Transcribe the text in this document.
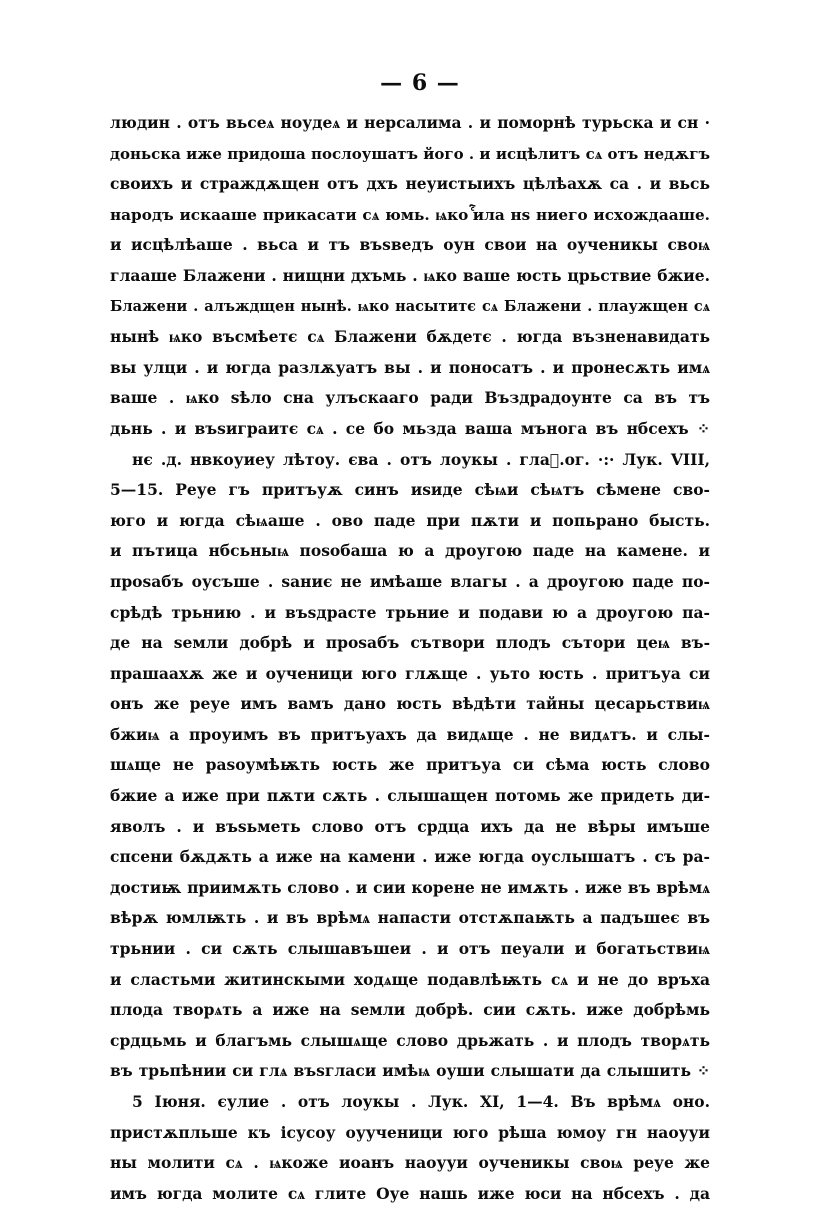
— 6 —
людин . отъ вьсеѧ ноудеѧ и нерсалима . и поморнѣ турьска и сн ·
доньска иже придоша послоушатъ його . и исцѣлитъ сѧ отъ недѫгъ
своихъ и страждѫщен отъ дхъ неуистыихъ цѣлѣахѫ са . и вьсь
народъ искааше прикасати сѧ юмь. ѩко ⷭ҇ила нѕ ниего исхождааше.
и исцѣлѣаше . вьса и тъ въѕведъ оун свои на оученикы своѩ
глааше Блажени . нищни дхъмь . ѩко ваше юсть црьствие бжие.
Блажени . алъждщен нынѣ. ѩко насытитє сѧ Блажени . плаужщен сѧ
нынѣ ѩко въсмѣетє сѧ Блажени бѫдетє . югда възненавидать
вы улци . и югда разлѫуатъ вы . и поносатъ . и пронесѫть имѧ
ваше . ѩко ѕѣло сна улъскааго ради Въздрадоунте са въ тъ
дьнь . и въѕиграитє сѧ . се бо мьзда ваша мънога въ нбсехъ ⁘
нє .д. нвкоуиеу лѣтоу. єва . отъ лоукы . глаⷡ.ог. ·:· Лук. VIII,
5—15. Реуе гъ притъуѫ синъ иѕиде сѣѩи сѣѩтъ сѣмене сво-
юго и югда сѣѩаше . ово паде при пѫти и попьрано бысть.
и пътица нбсьныѩ поѕобаша ю а дроугою паде на камене. и
проѕабъ оусъше . ѕаниє не имѣаше влагы . а дроугою паде по-
срѣдѣ трьнию . и въѕдрасте трьние и подави ю а дроугою па-
де на ѕемли добрѣ и проѕабъ сътвори плодъ сътори цеѩ въ-
прашаахѫ же и оученици юго глѫще . уьто юсть . притъуа си
онъ же реуе имъ вамъ дано юсть вѣдѣти тайны цесарьствиѩ
бжиѩ а проуимъ въ притъуахъ да видѧще . не видѧтъ. и слы-
шѧще не раѕоумѣѭть юсть же притъуа си сѣма юсть слово
бжие а иже при пѫти сѫть . слышащен потомь же придеть ди-
яволъ . и въѕьметь слово отъ срдца ихъ да не вѣры имъше
спсени бѫдѫть а иже на камени . иже югда оуслышатъ . съ ра-
достиѭ приимѫть слово . и сии корене не имѫть . иже въ врѣмѧ
вѣрѫ юмлѭть . и въ врѣмѧ напасти отстѫпаѭть а падъшеє въ
трьнии . си сѫть слышавъшеи . и отъ пеуали и богатьствиѩ
и сластьми житинскыми ходѧще подавлѣѭть сѧ и не до връха
плода творѧть а иже на ѕемли добрѣ. сии сѫть. иже добрѣмь
срдцьмь и благъмь слышѧще слово дрьжать . и плодъ творѧть
въ трьпѣнии си глѧ въѕгласи имѣѩ оуши слышати да слышить ⁘
5 Іюня. єулие . отъ лоукы . Лук. XI, 1—4. Въ врѣмѧ оно.
пристѫпльше къ ісусоу оуученици юго рѣша юмоу гн наоууи
ны молити сѧ . ѩкоже иоанъ наоууи оученикы своѩ реуе же
имъ югда молите сѧ глите Оуе нашь иже юси на нбсехъ . да
